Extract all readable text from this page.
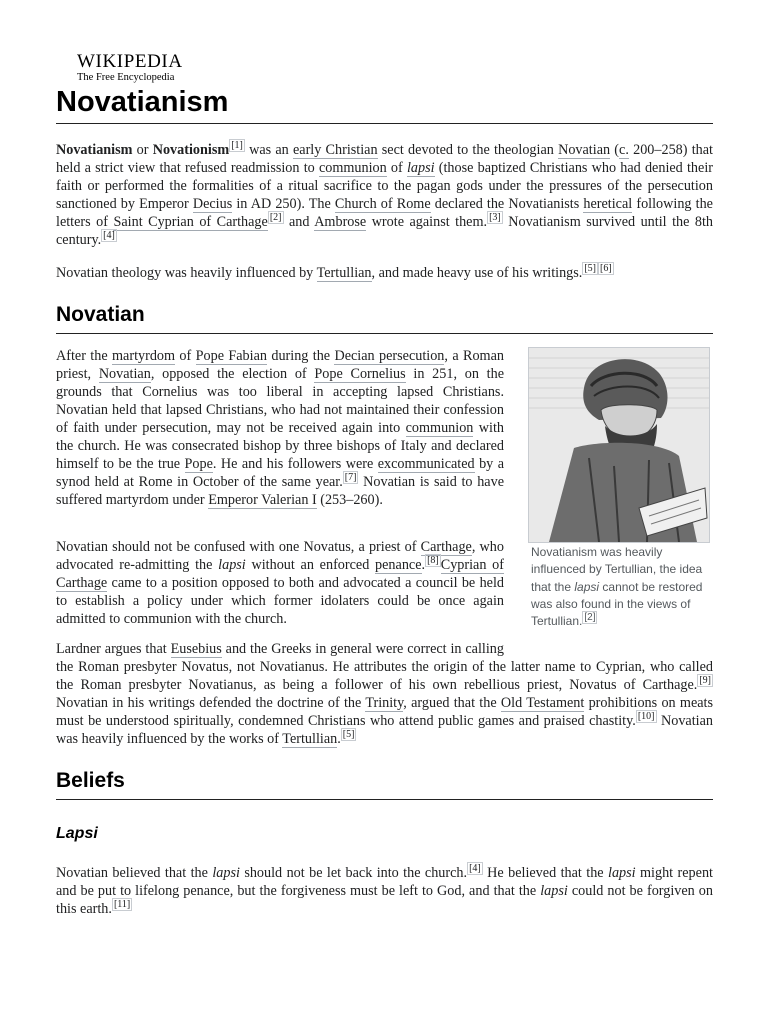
WIKIPEDIA
The Free Encyclopedia
Novatianism

Novatianism or Novationism [1] was an early Christian sect devoted to the theologian Novatian (c. 200–258) that held a strict view that refused readmission to communion of lapsi (those baptized Christians who had denied their faith or performed the formalities of a ritual sacrifice to the pagan gods under the pressures of the persecution sanctioned by Emperor Decius in AD 250). The Church of Rome declared the Novatianists heretical following the letters of Saint Cyprian of Carthage [2] and Ambrose wrote against them. [3] Novatianism survived until the 8th century. [4]

Novatian theology was heavily influenced by Tertullian, and made heavy use of his writings. [5] [6]

Novatian
Novatianism was heavily influenced by Tertullian, the idea that the lapsi cannot be restored was also found in the views of Tertullian. [2]

After the martyrdom of Pope Fabian during the Decian persecution, a Roman priest, Novatian, opposed the election of Pope Cornelius in 251, on the grounds that Cornelius was too liberal in accepting lapsed Christians. Novatian held that lapsed Christians, who had not maintained their confession of faith under persecution, may not be received again into communion with the church. He was consecrated bishop by three bishops of Italy and declared himself to be the true Pope. He and his followers were excommunicated by a synod held at Rome in October of the same year. [7] Novatian is said to have suffered martyrdom under Emperor Valerian I (253–260).

Novatian should not be confused with one Novatus, a priest of Carthage, who advocated re-admitting the lapsi without an enforced penance. [8] Cyprian of Carthage came to a position opposed to both and advocated a council be held to establish a policy under which former idolaters could be once again admitted to communion with the church.

Lardner argues that Eusebius and the Greeks in general were correct in calling the Roman presbyter Novatus, not Novatianus. He attributes the origin of the latter name to Cyprian, who called the Roman presbyter Novatianus, as being a follower of his own rebellious priest, Novatus of Carthage. [9] Novatian in his writings defended the doctrine of the Trinity, argued that the Old Testament prohibitions on meats must be understood spiritually, condemned Christians who attend public games and praised chastity. [10] Novatian was heavily influenced by the works of Tertullian. [5]

Beliefs
Lapsi

Novatian believed that the lapsi should not be let back into the church. [4] He believed that the lapsi might repent and be put to lifelong penance, but the forgiveness must be left to God, and that the lapsi could not be forgiven on this earth. [11]
